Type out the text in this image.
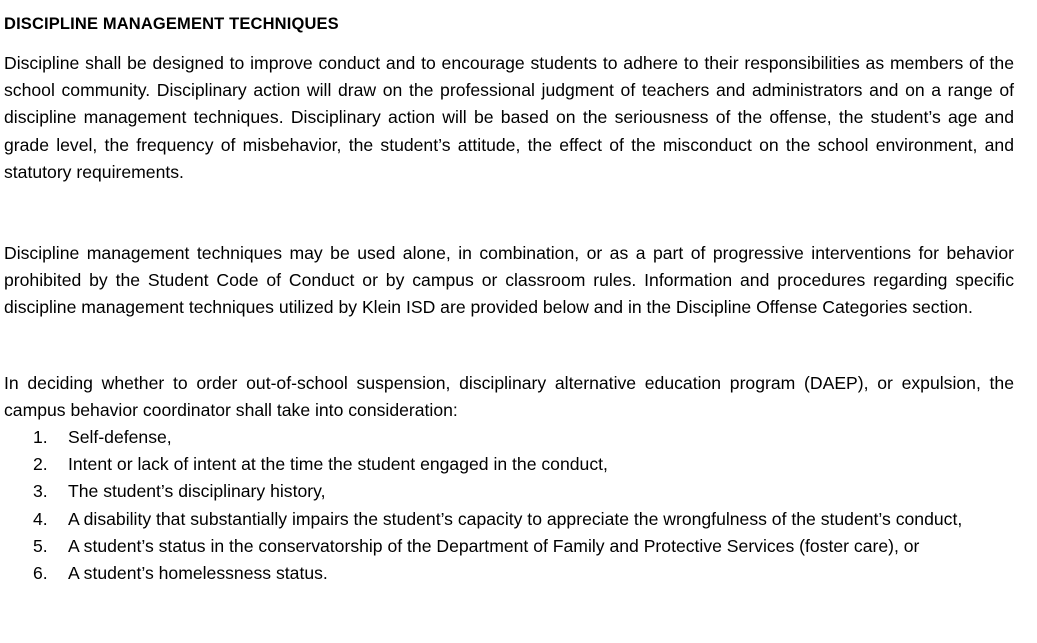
DISCIPLINE MANAGEMENT TECHNIQUES

Discipline shall be designed to improve conduct and to encourage students to adhere to their responsibilities as members of the school community. Disciplinary action will draw on the professional judgment of teachers and administrators and on a range of discipline management techniques. Disciplinary action will be based on the seriousness of the offense, the student’s age and grade level, the frequency of misbehavior, the student’s attitude, the effect of the misconduct on the school environment, and statutory requirements.

Discipline management techniques may be used alone, in combination, or as a part of progressive interventions for behavior prohibited by the Student Code of Conduct or by campus or classroom rules. Information and procedures regarding specific discipline management techniques utilized by Klein ISD are provided below and in the Discipline Offense Categories section.

In deciding whether to order out-of-school suspension, disciplinary alternative education program (DAEP), or expulsion, the campus behavior coordinator shall take into consideration:

1.	Self-defense,
2.	Intent or lack of intent at the time the student engaged in the conduct,
3.	The student’s disciplinary history,
4.	A disability that substantially impairs the student’s capacity to appreciate the wrongfulness of the student’s conduct,
5.	A student’s status in the conservatorship of the Department of Family and Protective Services (foster care), or
6.	A student’s homelessness status.
